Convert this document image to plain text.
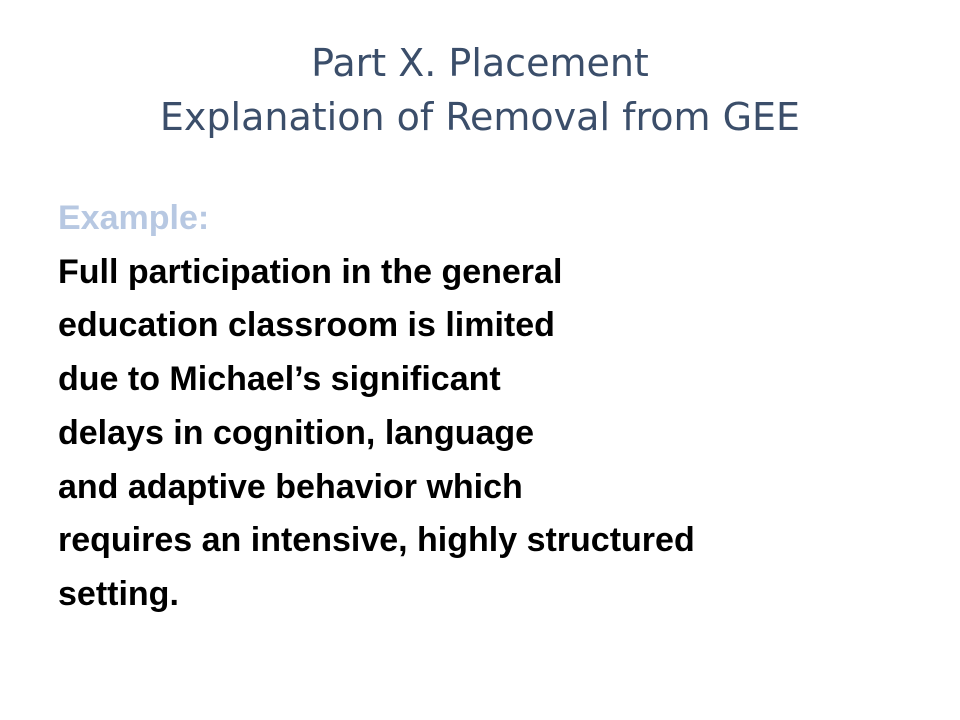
Part X. Placement
Explanation of Removal from GEE
Example:
Full participation in the general
education classroom is limited
due to Michael’s significant
delays in cognition, language
and adaptive behavior which
requires an intensive, highly structured
setting.
